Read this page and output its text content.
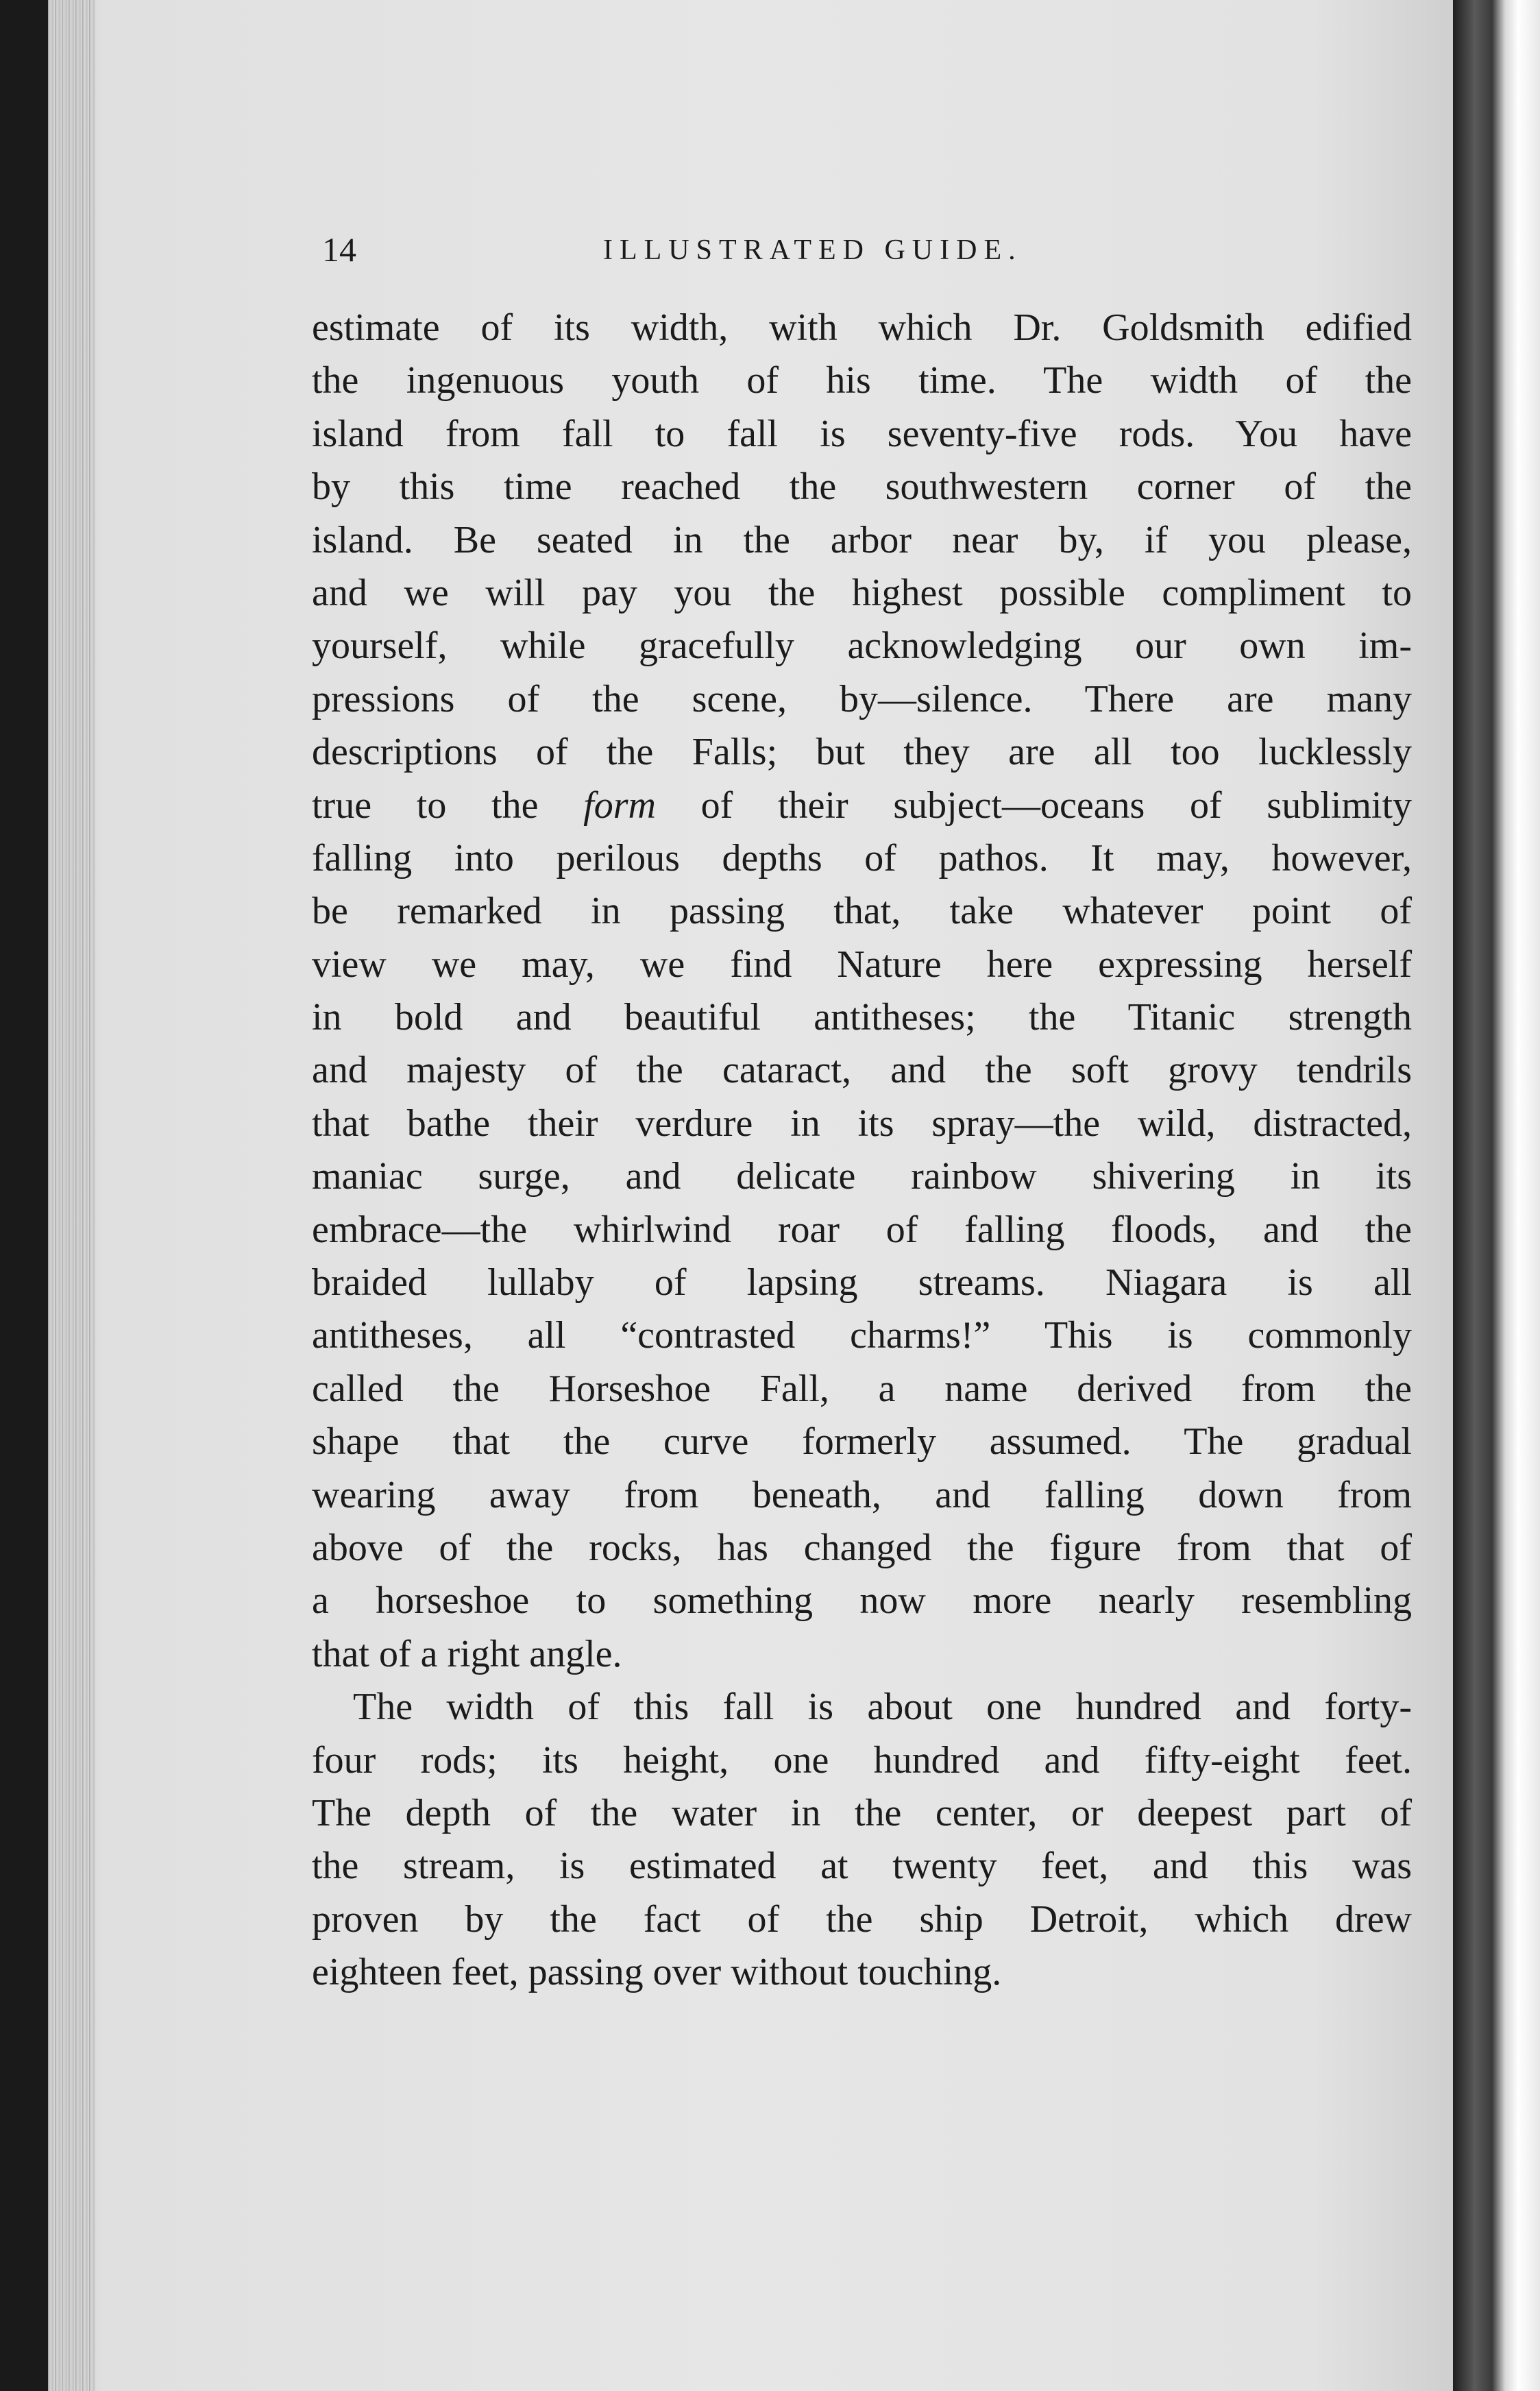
14	ILLUSTRATED GUIDE.
estimate of its width, with which Dr. Goldsmith edified
the ingenuous youth of his time. The width of the
island from fall to fall is seventy-five rods. You have
by this time reached the southwestern corner of the
island. Be seated in the arbor near by, if you please,
and we will pay you the highest possible compliment to
yourself, while gracefully acknowledging our own im-
pressions of the scene, by—silence. There are many
descriptions of the Falls; but they are all too lucklessly
true to the form of their subject—oceans of sublimity
falling into perilous depths of pathos. It may, however,
be remarked in passing that, take whatever point of
view we may, we find Nature here expressing herself
in bold and beautiful antitheses; the Titanic strength
and majesty of the cataract, and the soft grovy tendrils
that bathe their verdure in its spray—the wild, distracted,
maniac surge, and delicate rainbow shivering in its
embrace—the whirlwind roar of falling floods, and the
braided lullaby of lapsing streams. Niagara is all
antitheses, all “contrasted charms!” This is commonly
called the Horseshoe Fall, a name derived from the
shape that the curve formerly assumed. The gradual
wearing away from beneath, and falling down from
above of the rocks, has changed the figure from that of
a horseshoe to something now more nearly resembling
that of a right angle.
The width of this fall is about one hundred and forty-
four rods; its height, one hundred and fifty-eight feet.
The depth of the water in the center, or deepest part of
the stream, is estimated at twenty feet, and this was
proven by the fact of the ship Detroit, which drew
eighteen feet, passing over without touching.
